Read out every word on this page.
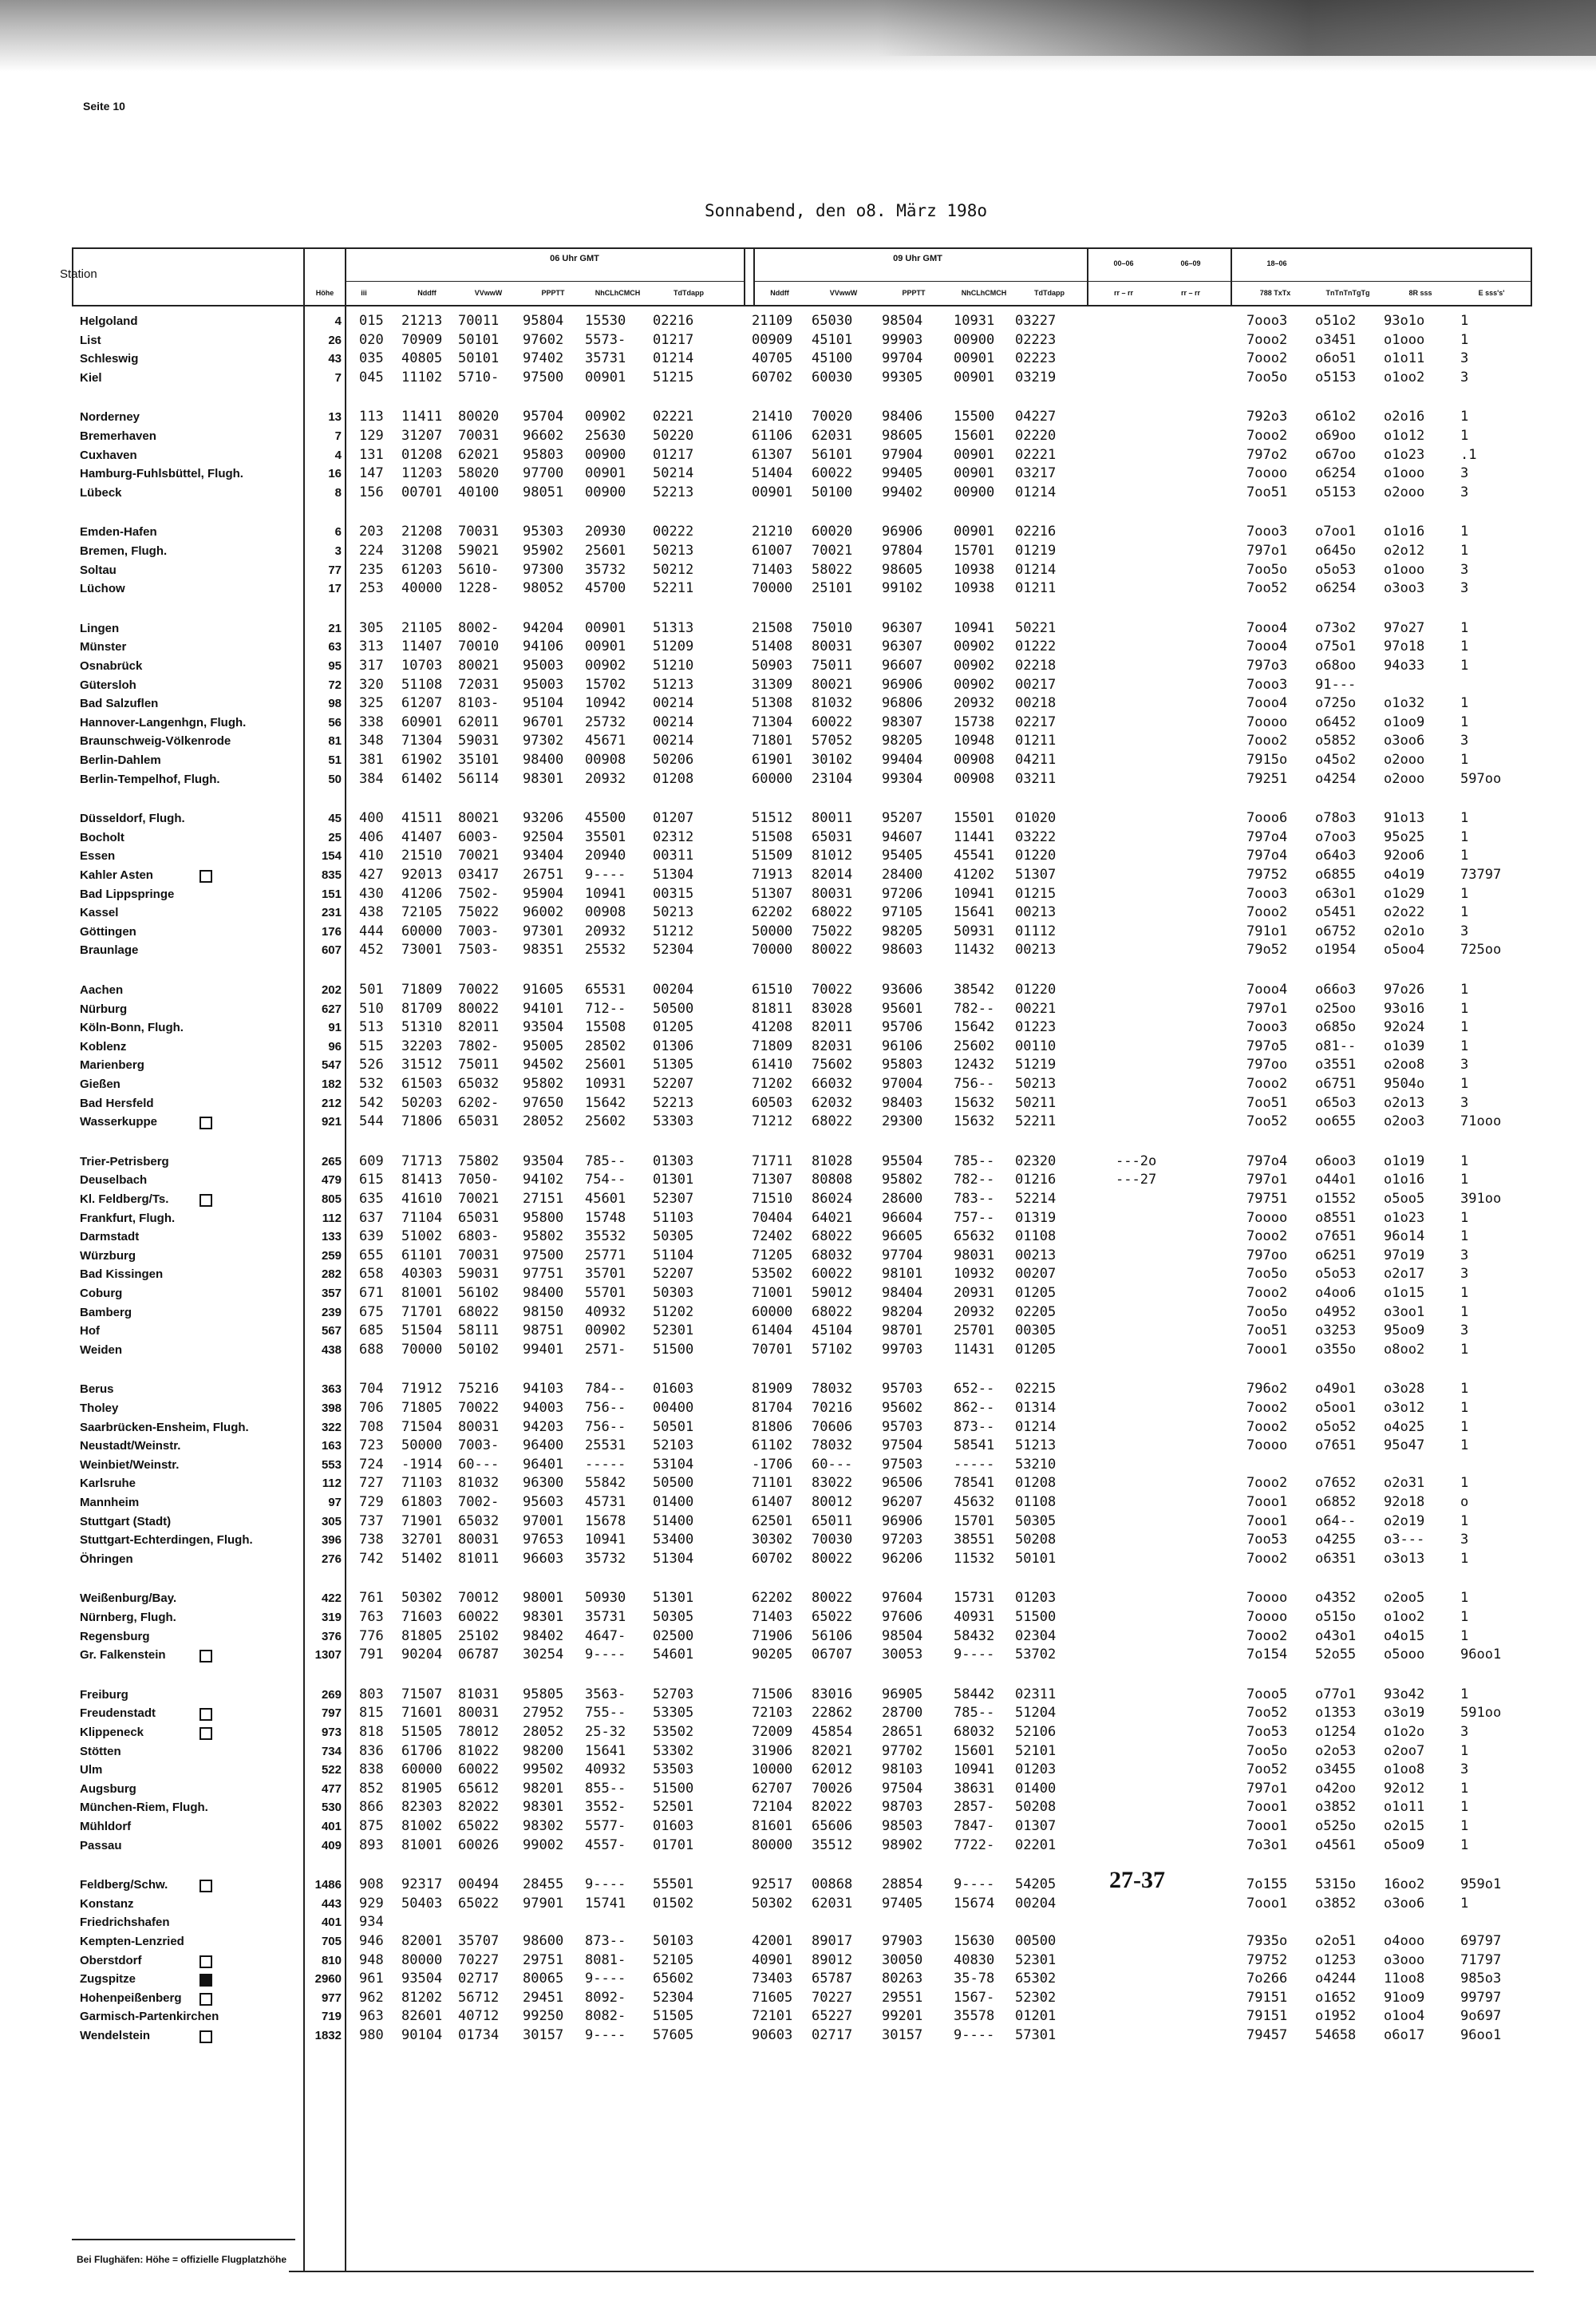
Seite 10
Sonnabend, den o8. März 198o
Station
Höhe	iii
06 Uhr GMT	09 Uhr GMT
Nddff	VVwwW	PPPTT	NhCLhCMCH	TdTdapp	Nddff	VVwwW	PPPTT	NhCLhCMCH	TdTdapp
00–06	06–09	18–06
rr – rr	rr – rr	788 TxTx	TnTnTnTgTg	8R sss	E sss's'
Helgoland	4 015 21213 70011 95804 15530 02216	21109 65030 98504 10931 03227	7ooo3 o51o2 93o1o	1
List	26 020 70909 50101 97602 5573- 01217	00909 45101 99903 00900 02223	7ooo2 o3451 o1ooo	1
Schleswig	43 035 40805 50101 97402 35731 01214	40705 45100 99704 00901 02223	7ooo2 o6o51 o1o11	3
Kiel	7 045 11102 5710- 97500 00901 51215	60702 60030 99305 00901 03219	7oo5o o5153 o1oo2	3
Norderney	13 113 11411 80020 95704 00902 02221	21410 70020 98406 15500 04227	792o3 o61o2 o2o16	1
Bremerhaven	7 129 31207 70031 96602 25630 50220	61106 62031 98605 15601 02220	7ooo2 o69oo o1o12	1
Cuxhaven	4 131 01208 62021 95803 00900 01217	61307 56101 97904 00901 02221	797o2 o67oo o1o23	.1
Hamburg-Fuhlsbüttel, Flugh.	16 147 11203 58020 97700 00901 50214	51404 60022 99405 00901 03217	7oooo o6254 o1ooo	3
Lübeck	8 156 00701 40100 98051 00900 52213	00901 50100 99402 00900 01214	7oo51 o5153 o2ooo	3
Emden-Hafen	6 203 21208 70031 95303 20930 00222	21210 60020 96906 00901 02216	7ooo3 o7oo1 o1o16	1
Bremen, Flugh.	3 224 31208 59021 95902 25601 50213	61007 70021 97804 15701 01219	797o1 o645o o2o12	1
Soltau	77 235 61203 5610- 97300 35732 50212	71403 58022 98605 10938 01214	7oo5o o5o53 o1ooo	3
Lüchow	17 253 40000 1228- 98052 45700 52211	70000 25101 99102 10938 01211	7oo52 o6254 o3oo3	3
Lingen	21 305 21105 8002- 94204 00901 51313	21508 75010 96307 10941 50221	7ooo4 o73o2 97o27	1
Münster	63 313 11407 70010 94106 00901 51209	51408 80031 96307 00902 01222	7ooo4 o75o1 97o18	1
Osnabrück	95 317 10703 80021 95003 00902 51210	50903 75011 96607 00902 02218	797o3 o68oo 94o33	1
Gütersloh	72 320 51108 72031 95003 15702 51213	31309 80021 96906 00902 00217	7ooo3 91---
Bad Salzuflen	98 325 61207 8103- 95104 10942 00214	51308 81032 96806 20932 00218	7ooo4 o725o o1o32	1
Hannover-Langenhgn, Flugh.	56 338 60901 62011 96701 25732 00214	71304 60022 98307 15738 02217	7oooo o6452 o1oo9	1
Braunschweig-Völkenrode	81 348 71304 59031 97302 45671 00214	71801 57052 98205 10948 01211	7ooo2 o5852 o3oo6	3
Berlin-Dahlem	51 381 61902 35101 98400 00908 50206	61901 30102 99404 00908 04211	7915o o45o2 o2ooo	1
Berlin-Tempelhof, Flugh.	50 384 61402 56114 98301 20932 01208	60000 23104 99304 00908 03211	79251 o4254 o2ooo	597oo
Düsseldorf, Flugh.	45 400 41511 80021 93206 45500 01207	51512 80011 95207 15501 01020	7ooo6 o78o3 91o13	1
Bocholt	25 406 41407 6003- 92504 35501 02312	51508 65031 94607 11441 03222	797o4 o7oo3 95o25	1
Essen	154 410 21510 70021 93404 20940 00311	51509 81012 95405 45541 01220	797o4 o64o3 92oo6	1
Kahler Asten	835 427 92013 03417 26751 9---- 51304	71913 82014 28400 41202 51307	79752 o6855 o4o19	73797
Bad Lippspringe	151 430 41206 7502- 95904 10941 00315	51307 80031 97206 10941 01215	7ooo3 o63o1 o1o29	1
Kassel	231 438 72105 75022 96002 00908 50213	62202 68022 97105 15641 00213	7ooo2 o5451 o2o22	1
Göttingen	176 444 60000 7003- 97301 20932 51212	50000 75022 98205 50931 01112	791o1 o6752 o2o1o	3
Braunlage	607 452 73001 7503- 98351 25532 52304	70000 80022 98603 11432 00213	79o52 o1954 o5oo4	725oo
Aachen	202 501 71809 70022 91605 65531 00204	61510 70022 93606 38542 01220	7ooo4 o66o3 97o26	1
Nürburg	627 510 81709 80022 94101 712-- 50500	81811 83028 95601 782-- 00221	797o1 o25oo 93o16	1
Köln-Bonn, Flugh.	91 513 51310 82011 93504 15508 01205	41208 82011 95706 15642 01223	7ooo3 o685o 92o24	1
Koblenz	96 515 32203 7802- 95005 28502 01306	71809 82031 96106 25602 00110	797o5 o81-- o1o39	1
Marienberg	547 526 31512 75011 94502 25601 51305	61410 75602 95803 12432 51219	797oo o3551 o2oo8	3
Gießen	182 532 61503 65032 95802 10931 52207	71202 66032 97004 756-- 50213	7ooo2 o6751 9504o	1
Bad Hersfeld	212 542 50203 6202- 97650 15642 52213	60503 62032 98403 15632 50211	7oo51 o65o3 o2o13	3
Wasserkuppe	921 544 71806 65031 28052 25602 53303	71212 68022 29300 15632 52211	7oo52 oo655 o2oo3	71ooo
Trier-Petrisberg	265 609 71713 75802 93504 785-- 01303	71711 81028 95504 785-- 02320	---2o	797o4 o6oo3 o1o19	1
Deuselbach	479 615 81413 7050- 94102 754-- 01301	71307 80808 95802 782-- 01216	---27	797o1 o44o1 o1o16	1
Kl. Feldberg/Ts.	805 635 41610 70021 27151 45601 52307	71510 86024 28600 783-- 52214	79751 o1552 o5oo5	391oo
Frankfurt, Flugh.	112 637 71104 65031 95800 15748 51103	70404 64021 96604 757-- 01319	7oooo o8551 o1o23	1
Darmstadt	133 639 51002 6803- 95802 35532 50305	72402 68022 96605 65632 01108	7ooo2 o7651 96o14	1
Würzburg	259 655 61101 70031 97500 25771 51104	71205 68032 97704 98031 00213	797oo o6251 97o19	3
Bad Kissingen	282 658 40303 59031 97751 35701 52207	53502 60022 98101 10932 00207	7oo5o o5o53 o2o17	3
Coburg	357 671 81001 56102 98400 55701 50303	71001 59012 98404 20931 01205	7ooo2 o4oo6 o1o15	1
Bamberg	239 675 71701 68022 98150 40932 51202	60000 68022 98204 20932 02205	7oo5o o4952 o3oo1	1
Hof	567 685 51504 58111 98751 00902 52301	61404 45104 98701 25701 00305	7oo51 o3253 95oo9	3
Weiden	438 688 70000 50102 99401 2571- 51500	70701 57102 99703 11431 01205	7ooo1 o355o o8oo2	1
Berus	363 704 71912 75216 94103 784-- 01603	81909 78032 95703 652-- 02215	796o2 o49o1 o3o28	1
Tholey	398 706 71805 70022 94003 756-- 00400	81704 70216 95602 862-- 01314	7ooo2 o5oo1 o3o12	1
Saarbrücken-Ensheim, Flugh.	322 708 71504 80031 94203 756-- 50501	81806 70606 95703 873-- 01214	7ooo2 o5o52 o4o25	1
Neustadt/Weinstr.	163 723 50000 7003- 96400 25531 52103	61102 78032 97504 58541 51213	7oooo o7651 95o47	1
Weinbiet/Weinstr.	553 724 -1914 60--- 96401 ----- 53104	-1706 60--- 97503 ----- 53210
Karlsruhe	112 727 71103 81032 96300 55842 50500	71101 83022 96506 78541 01208	7ooo2 o7652 o2o31	1
Mannheim	97 729 61803 7002- 95603 45731 01400	61407 80012 96207 45632 01108	7ooo1 o6852 92o18	o
Stuttgart (Stadt)	305 737 71901 65032 97001 15678 51400	62501 65011 96906 15701 50305	7ooo1 o64-- o2o19	1
Stuttgart-Echterdingen, Flugh.	396 738 32701 80031 97653 10941 53400	30302 70030 97203 38551 50208	7oo53 o4255 o3---	3
Öhringen	276 742 51402 81011 96603 35732 51304	60702 80022 96206 11532 50101	7ooo2 o6351 o3o13	1
Weißenburg/Bay.	422 761 50302 70012 98001 50930 51301	62202 80022 97604 15731 01203	7oooo o4352 o2oo5	1
Nürnberg, Flugh.	319 763 71603 60022 98301 35731 50305	71403 65022 97606 40931 51500	7oooo o515o o1oo2	1
Regensburg	376 776 81805 25102 98402 4647- 02500	71906 56106 98504 58432 02304	7ooo2 o43o1 o4o15	1
Gr. Falkenstein	1307 791 90204 06787 30254 9---- 54601	90205 06707 30053 9---- 53702	7o154 52o55 o5ooo	96oo1
Freiburg	269 803 71507 81031 95805 3563- 52703	71506 83016 96905 58442 02311	7ooo5 o77o1 93o42	1
Freudenstadt	797 815 71601 80031 27952 755-- 53305	72103 22862 28700 785-- 51204	7oo52 o1353 o3o19	591oo
Klippeneck	973 818 51505 78012 28052 25-32 53502	72009 45854 28651 68032 52106	7oo53 o1254 o1o2o	3
Stötten	734 836 61706 81022 98200 15641 53302	31906 82021 97702 15601 52101	7oo5o o2o53 o2oo7	1
Ulm	522 838 60000 60022 99502 40932 53503	10000 62012 98103 10941 01203	7oo52 o3455 o1oo8	3
Augsburg	477 852 81905 65612 98201 855-- 51500	62707 70026 97504 38631 01400	797o1 o42oo 92o12	1
München-Riem, Flugh.	530 866 82303 82022 98301 3552- 52501	72104 82022 98703 2857- 50208	7ooo1 o3852 o1o11	1
Mühldorf	401 875 81002 65022 98302 5577- 01603	81601 65606 98503 7847- 01307	7ooo1 o525o o2o15	1
Passau	409 893 81001 60026 99002 4557- 01701	80000 35512 98902 7722- 02201	7o3o1 o4561 o5oo9	1
Feldberg/Schw.	1486 908 92317 00494 28455 9---- 55501	92517 00868 28854 9---- 54205	7o155 5315o 16oo2	959o1
27-37
Konstanz	443 929 50403 65022 97901 15741 01502	50302 62031 97405 15674 00204	7ooo1 o3852 o3oo6	1
Friedrichshafen	401 934
Kempten-Lenzried	705 946 82001 35707 98600 873-- 50103	42001 89017 97903 15630 00500	7935o o2o51 o4ooo	69797
Oberstdorf	810 948 80000 70227 29751 8081- 52105	40901 89012 30050 40830 52301	79752 o1253 o3ooo	71797
Zugspitze	2960 961 93504 02717 80065 9---- 65602	73403 65787 80263 35-78 65302	7o266 o4244 11oo8	985o3
Hohenpeißenberg	977 962 81202 56712 29451 8092- 52304	71605 70227 29551 1567- 52302	79151 o1652 91oo9	99797
Garmisch-Partenkirchen	719 963 82601 40712 99250 8082- 51505	72101 65227 99201 35578 01201	79151 o1952 o1oo4	9o697
Wendelstein	1832 980 90104 01734 30157 9---- 57605	90603 02717 30157 9---- 57301	79457 54658 o6o17	96oo1
Bei Flughäfen: Höhe = offizielle Flugplatzhöhe
